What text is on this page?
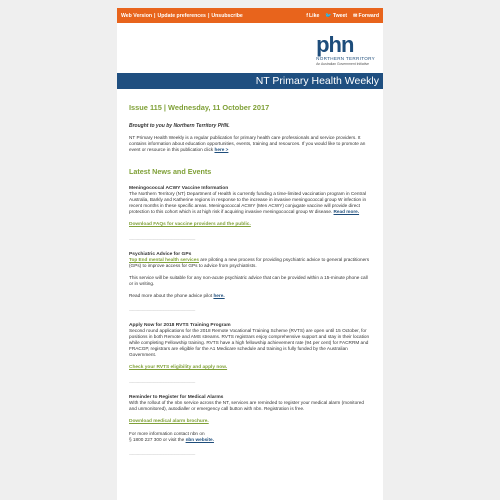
Web Version | Update preferences | Unsubscribe	fLike 🐦Tweet ✉Forward
phn
NORTHERN TERRITORY
An Australian Government Initiative
NT Primary Health Weekly
Issue 115 | Wednesday, 11 October 2017
Brought to you by Northern Territory PHN.

NT Primary Health Weekly is a regular publication for primary health care professionals and service providers. It contains information about education opportunities, events, training and resources. If you would like to promote an event or resource in this publication click here >

Latest News and Events
Meningococcal ACWY Vaccine Information

The Northern Territory (NT) Department of Health is currently funding a time-limited vaccination program in Central Australia, Barkly and Katherine regions in response to the increase in invasive meningococcal group W infection in recent months in these specific areas. Meningococcal ACWY (Men ACWY) conjugate vaccine will provide direct protection to this cohort which is at high risk if acquiring invasive meningococcal group W disease. Read more.

Download FAQs for vaccine providers and the public.

------------------------------------------------------------
Psychiatric Advice for GPs

Top End mental health services are piloting a new process for providing psychiatric advice to general practitioners (GPs) to improve access for GPs to advice from psychiatrists.

This service will be suitable for any non-acute psychiatric advice that can be provided within a 15-minute phone call or in writing.

Read more about the phone advice pilot here.

------------------------------------------------------------
Apply Now for 2018 RVTS Training Program

Second round applications for the 2018 Remote Vocational Training Scheme (RVTS) are open until 15 October, for positions in both Remote and AMS streams. RVTS registrars enjoy comprehensive support and stay in their location while completing Fellowship training. RVTS have a high fellowship achievement rate (94 per cent) for FACRRM and FRACGP, registrars are eligible for the A1 Medicare schedule and training is fully funded by the Australian Government.

Check your RVTS eligibility and apply now.

------------------------------------------------------------
Reminder to Register for Medical Alarms

With the rollout of the nbn service across the NT, services are reminded to register your medical alarm (monitored and unmonitored), autodialler or emergency call button with nbn. Registration is free.

Download medical alarm brochure.

For more information contact nbn on

§ 1800 227 300 or visit the nbn website.

------------------------------------------------------------
